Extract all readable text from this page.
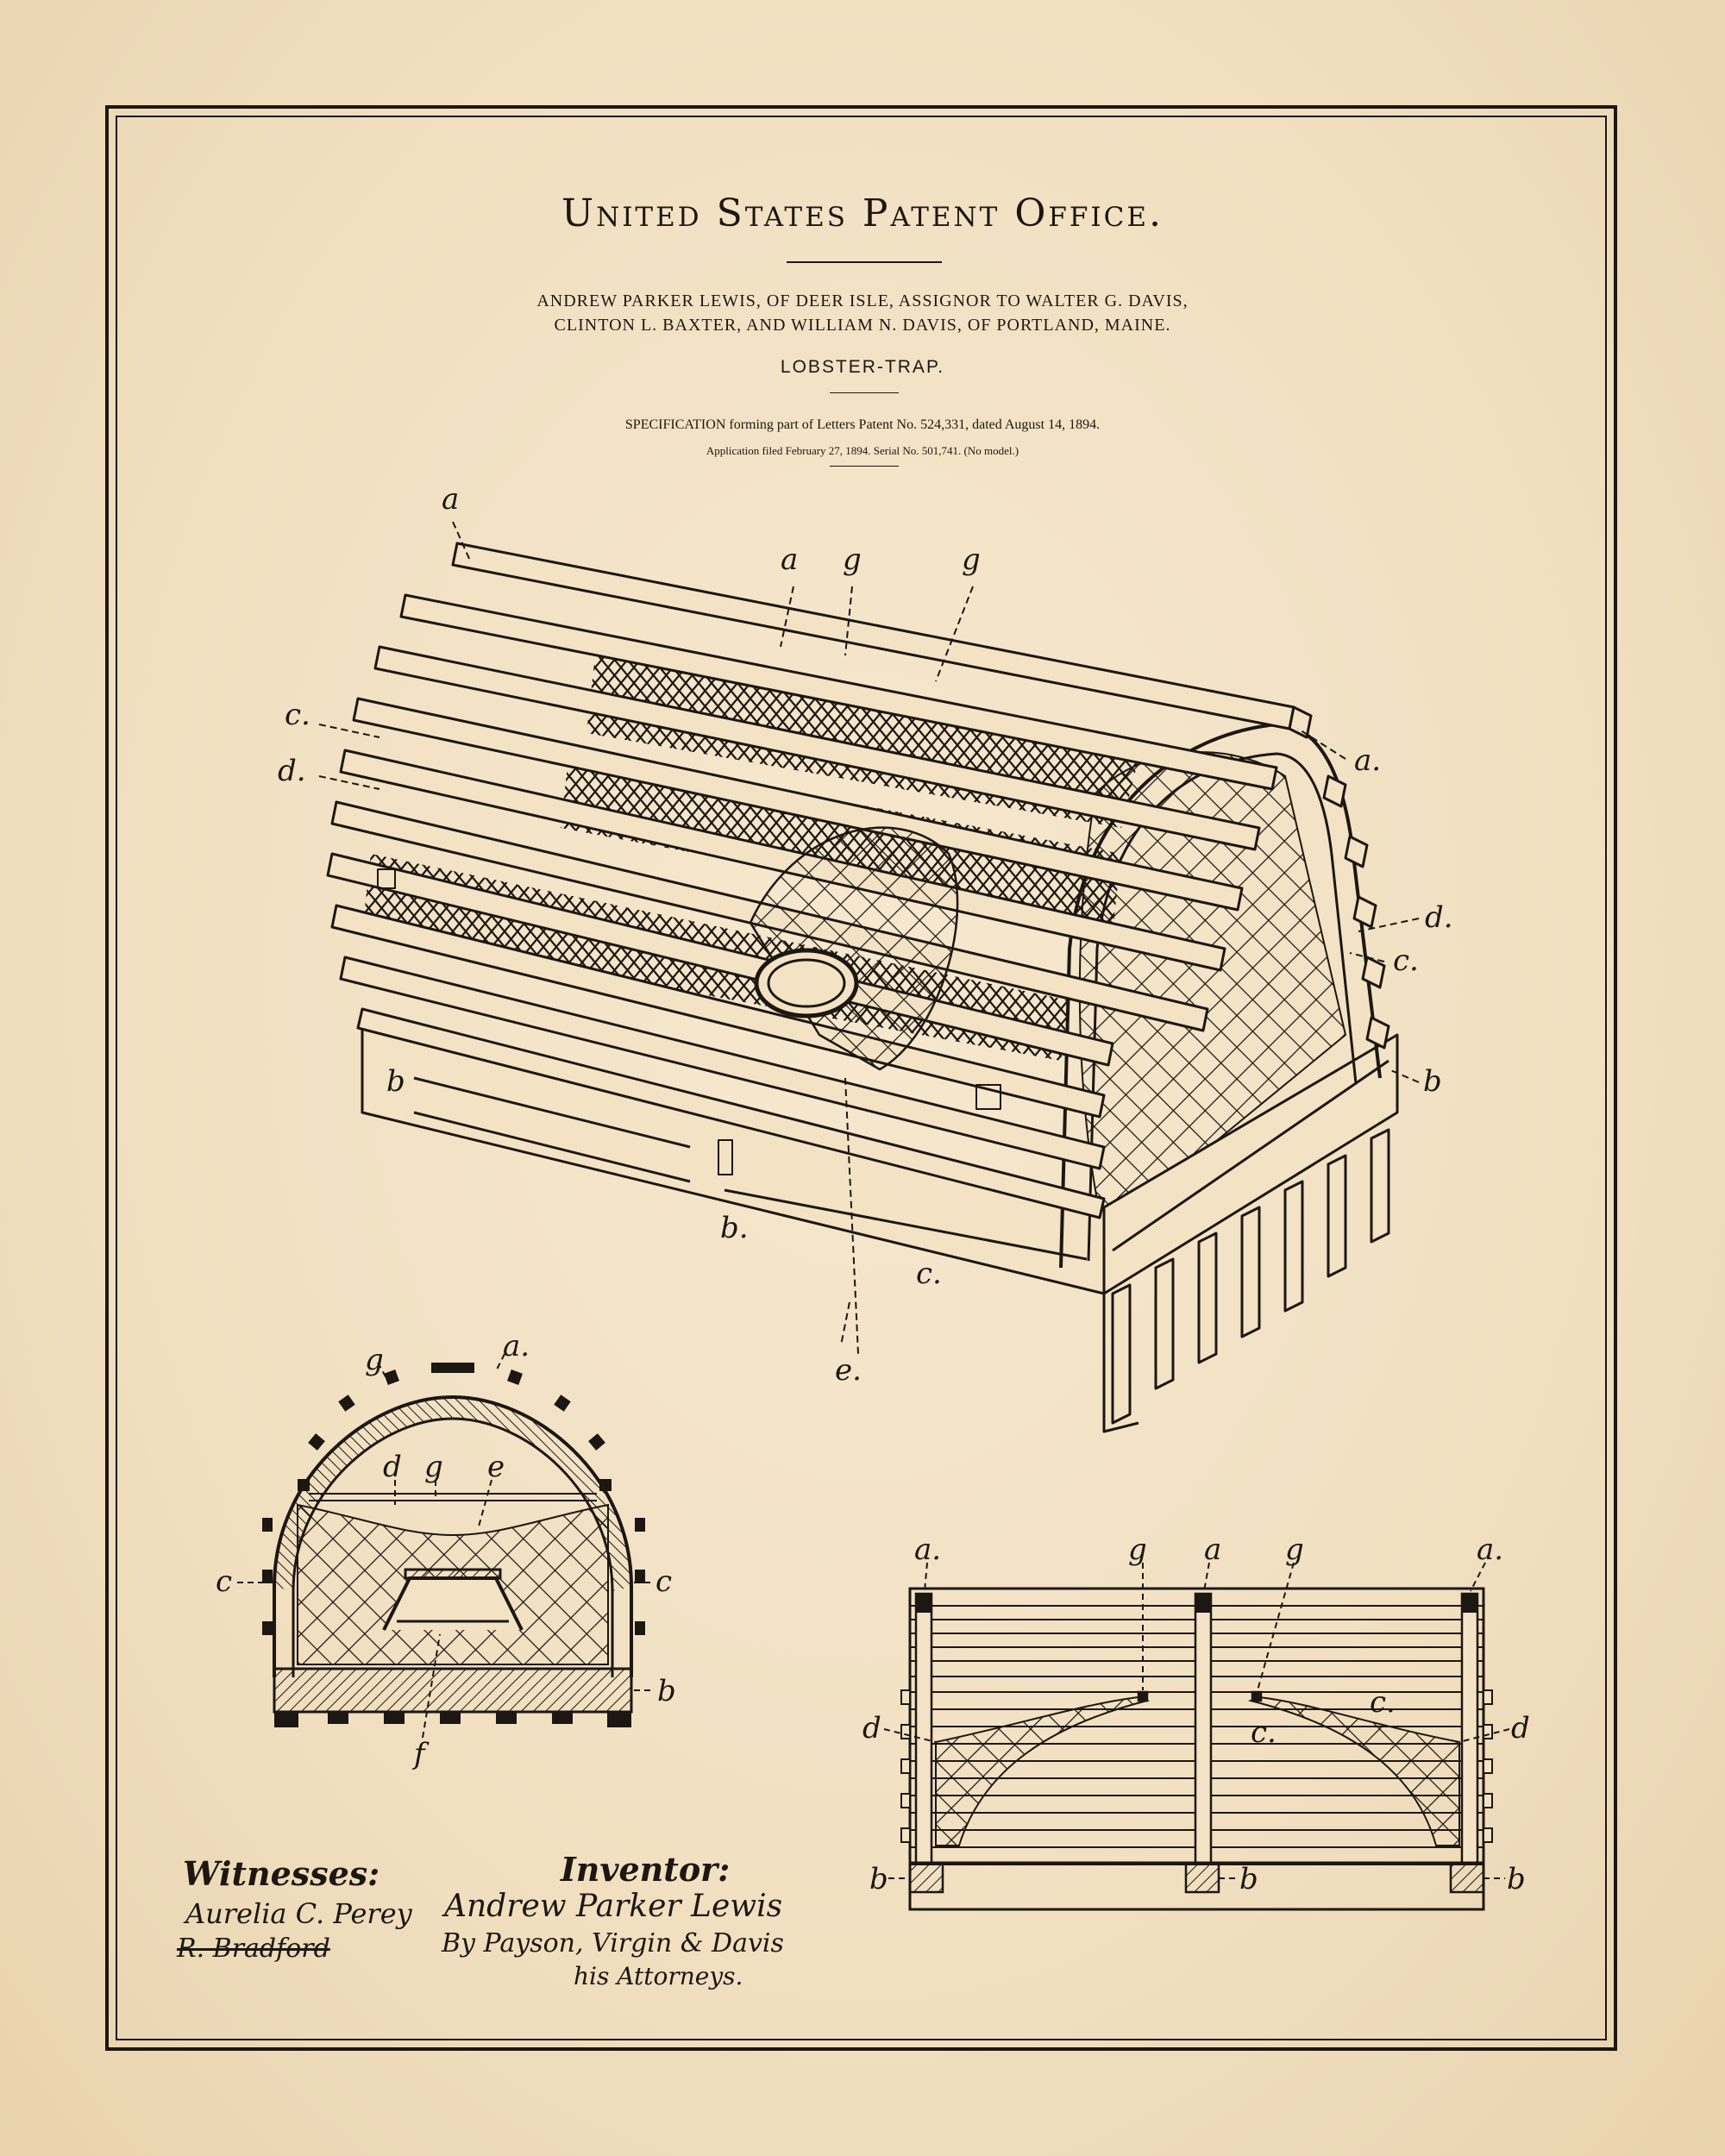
United States Patent Office.
ANDREW PARKER LEWIS, OF DEER ISLE, ASSIGNOR TO WALTER G. DAVIS,
CLINTON L. BAXTER, AND WILLIAM N. DAVIS, OF PORTLAND, MAINE.
LOBSTER-TRAP.
SPECIFICATION forming part of Letters Patent No. 524,331, dated August 14, 1894.
Application filed February 27, 1894. Serial No. 501,741. (No model.)
a
a g	g
a.
c.
d.
d.
c.
b
b
b.
c.
e.
g	a.
d g e
c	c
b
f
a.	a	a.
g	g
d	d
c.
c.
b	b	b
Witnesses:	Inventor:
Aurelia C. Perey
R. Bradford
Andrew Parker Lewis
By Payson, Virgin & Davis
his Attorneys.
